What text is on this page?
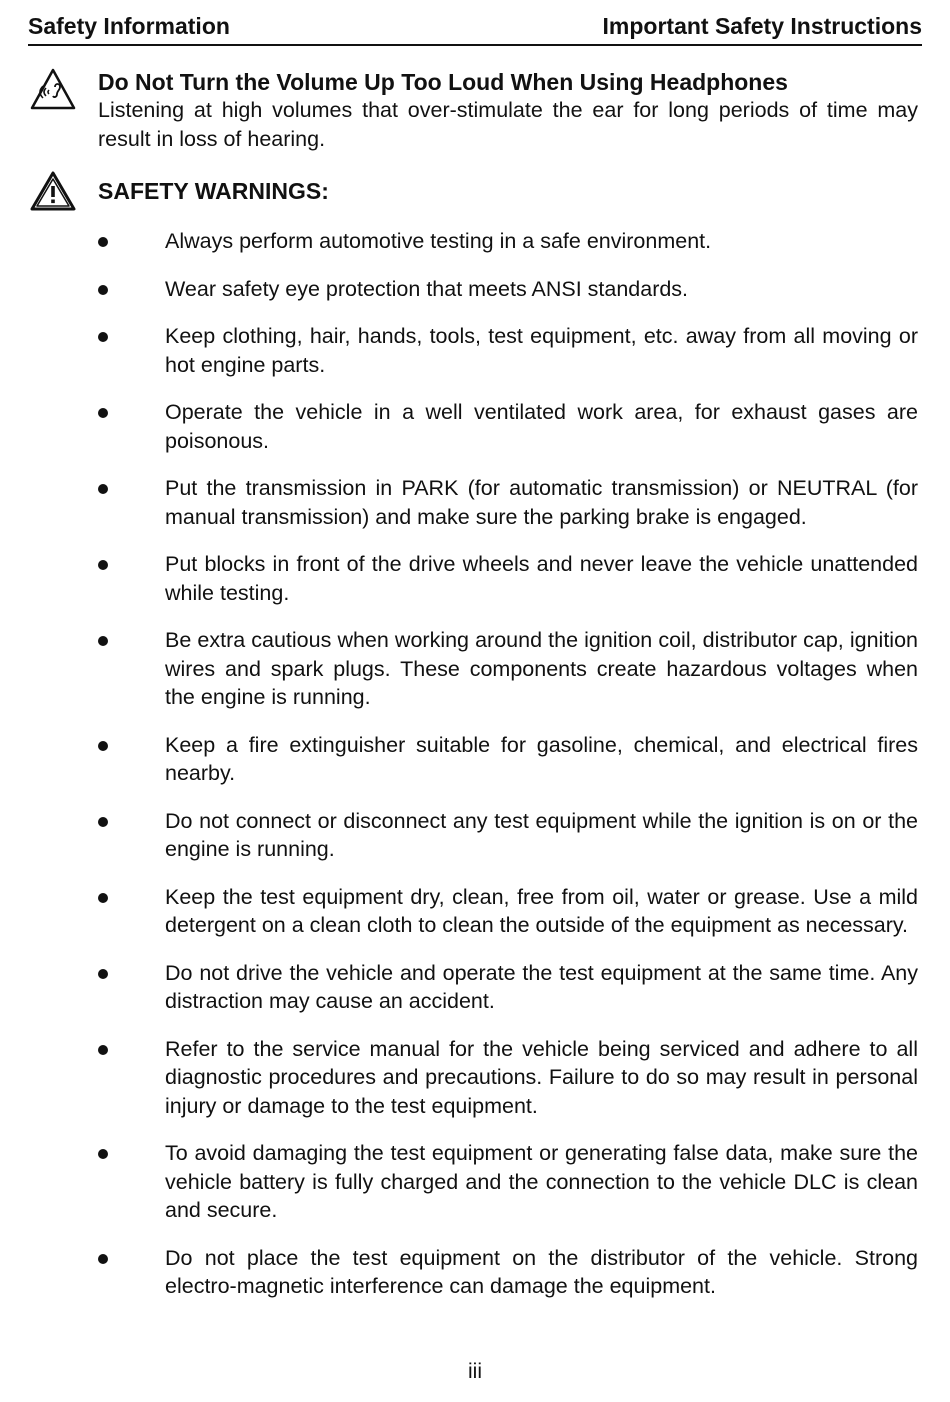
Safety Information	Important Safety Instructions
Do Not Turn the Volume Up Too Loud When Using Headphones
Listening at high volumes that over-stimulate the ear for long periods of time may result in loss of hearing.
SAFETY WARNINGS:
Always perform automotive testing in a safe environment.
Wear safety eye protection that meets ANSI standards.
Keep clothing, hair, hands, tools, test equipment, etc. away from all moving or hot engine parts.
Operate the vehicle in a well ventilated work area, for exhaust gases are poisonous.
Put the transmission in PARK (for automatic transmission) or NEUTRAL (for manual transmission) and make sure the parking brake is engaged.
Put blocks in front of the drive wheels and never leave the vehicle unattended while testing.
Be extra cautious when working around the ignition coil, distributor cap, ignition wires and spark plugs. These components create hazardous voltages when the engine is running.
Keep a fire extinguisher suitable for gasoline, chemical, and electrical fires nearby.
Do not connect or disconnect any test equipment while the ignition is on or the engine is running.
Keep the test equipment dry, clean, free from oil, water or grease. Use a mild detergent on a clean cloth to clean the outside of the equipment as necessary.
Do not drive the vehicle and operate the test equipment at the same time. Any distraction may cause an accident.
Refer to the service manual for the vehicle being serviced and adhere to all diagnostic procedures and precautions. Failure to do so may result in personal injury or damage to the test equipment.
To avoid damaging the test equipment or generating false data, make sure the vehicle battery is fully charged and the connection to the vehicle DLC is clean and secure.
Do not place the test equipment on the distributor of the vehicle. Strong electro-magnetic interference can damage the equipment.
iii
